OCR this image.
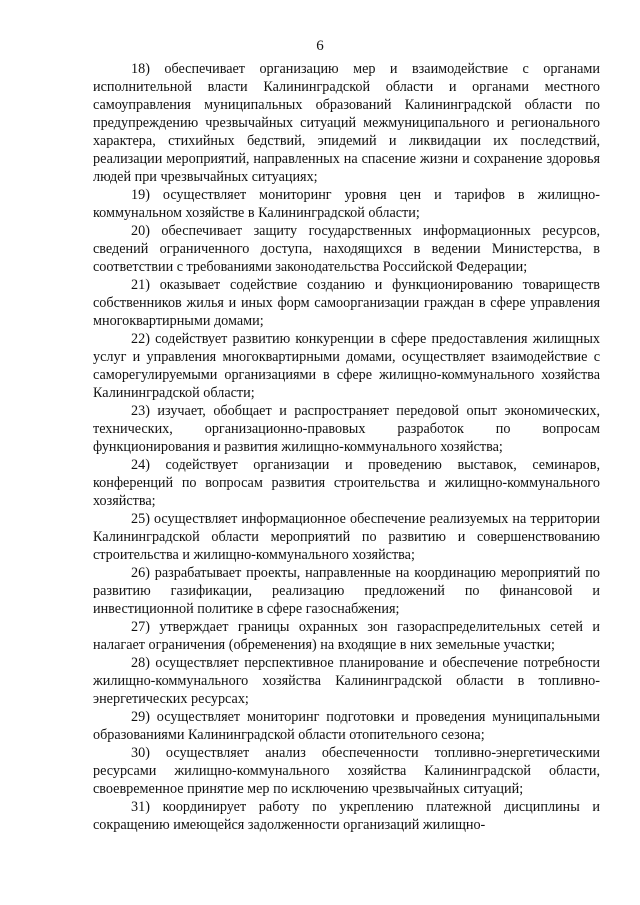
6

18) обеспечивает организацию мер и взаимодействие с органами исполнительной власти Калининградской области и органами местного самоуправления муниципальных образований Калининградской области по предупреждению чрезвычайных ситуаций межмуниципального и регионального характера, стихийных бедствий, эпидемий и ликвидации их последствий, реализации мероприятий, направленных на спасение жизни и сохранение здоровья людей при чрезвычайных ситуациях;

19) осуществляет мониторинг уровня цен и тарифов в жилищно-коммунальном хозяйстве в Калининградской области;

20) обеспечивает защиту государственных информационных ресурсов, сведений ограниченного доступа, находящихся в ведении Министерства, в соответствии с требованиями законодательства Российской Федерации;

21) оказывает содействие созданию и функционированию товариществ собственников жилья и иных форм самоорганизации граждан в сфере управления многоквартирными домами;

22) содействует развитию конкуренции в сфере предоставления жилищных услуг и управления многоквартирными домами, осуществляет взаимодействие с саморегулируемыми организациями в сфере жилищно-коммунального хозяйства Калининградской области;

23) изучает, обобщает и распространяет передовой опыт экономических, технических, организационно-правовых разработок по вопросам функционирования и развития жилищно-коммунального хозяйства;

24) содействует организации и проведению выставок, семинаров, конференций по вопросам развития строительства и жилищно-коммунального хозяйства;

25) осуществляет информационное обеспечение реализуемых на территории Калининградской области мероприятий по развитию и совершенствованию строительства и жилищно-коммунального хозяйства;

26) разрабатывает проекты, направленные на координацию мероприятий по развитию газификации, реализацию предложений по финансовой и инвестиционной политике в сфере газоснабжения;

27) утверждает границы охранных зон газораспределительных сетей и налагает ограничения (обременения) на входящие в них земельные участки;

28) осуществляет перспективное планирование и обеспечение потребности жилищно-коммунального хозяйства Калининградской области в топливно-энергетических ресурсах;

29) осуществляет мониторинг подготовки и проведения муниципальными образованиями Калининградской области отопительного сезона;

30) осуществляет анализ обеспеченности топливно-энергетическими ресурсами жилищно-коммунального хозяйства Калининградской области, своевременное принятие мер по исключению чрезвычайных ситуаций;

31) координирует работу по укреплению платежной дисциплины и сокращению имеющейся задолженности организаций жилищно-
